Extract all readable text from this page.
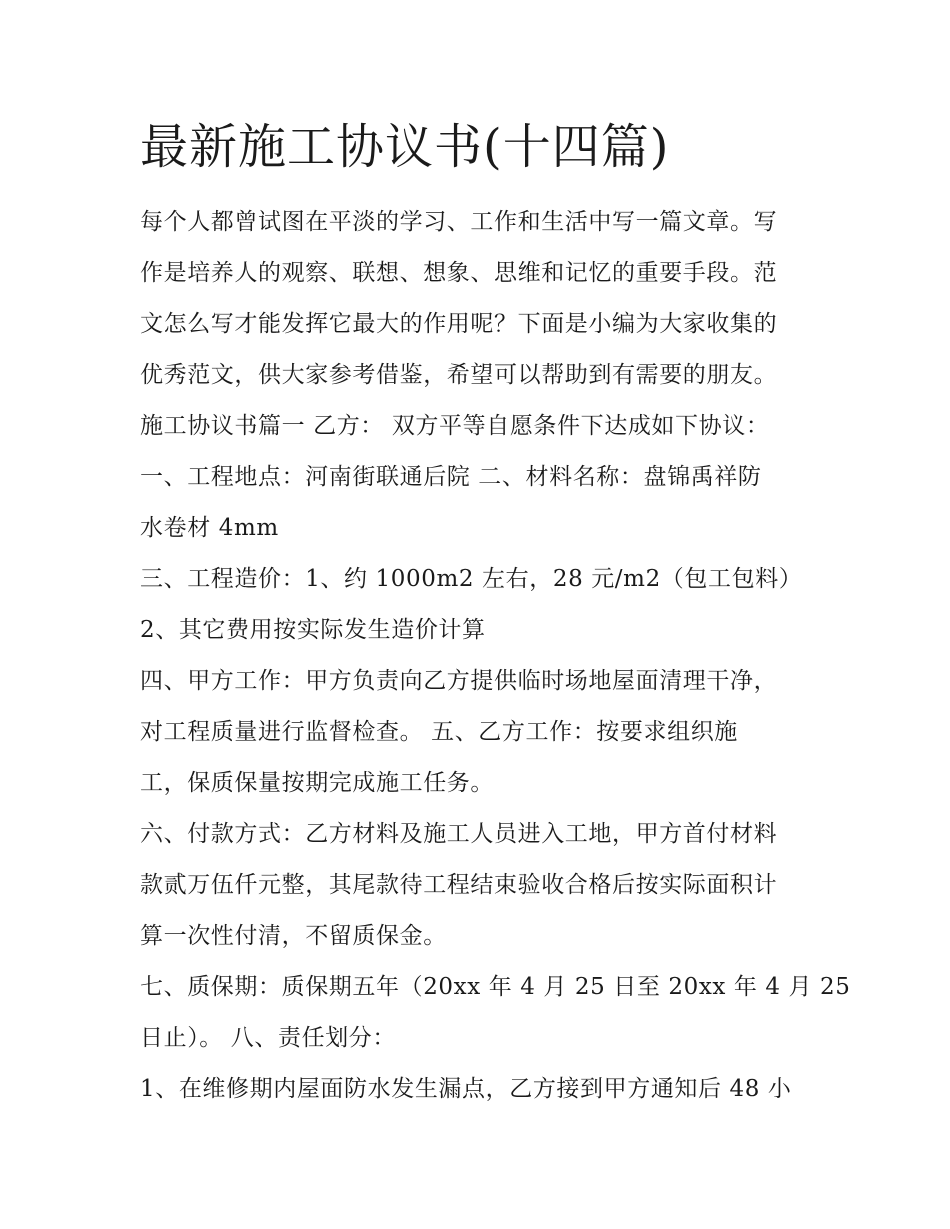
最新施工协议书(十四篇)
每个人都曾试图在平淡的学习、工作和生活中写一篇文章。写
作是培养人的观察、联想、想象、思维和记忆的重要手段。范
文怎么写才能发挥它最大的作用呢？下面是小编为大家收集的
优秀范文，供大家参考借鉴，希望可以帮助到有需要的朋友。
施工协议书篇一 乙方： 双方平等自愿条件下达成如下协议：
一、工程地点：河南街联通后院 二、材料名称：盘锦禹祥防
水卷材 4mm
三、工程造价：1、约 1000m2 左右，28 元/m2（包工包料）
2、其它费用按实际发生造价计算
四、甲方工作：甲方负责向乙方提供临时场地屋面清理干净，
对工程质量进行监督检查。 五、乙方工作：按要求组织施
工，保质保量按期完成施工任务。
六、付款方式：乙方材料及施工人员进入工地，甲方首付材料
款贰万伍仟元整，其尾款待工程结束验收合格后按实际面积计
算一次性付清，不留质保金。
七、质保期：质保期五年（20xx 年 4 月 25 日至 20xx 年 4 月 25
日止）。 八、责任划分：
1、在维修期内屋面防水发生漏点，乙方接到甲方通知后 48 小
